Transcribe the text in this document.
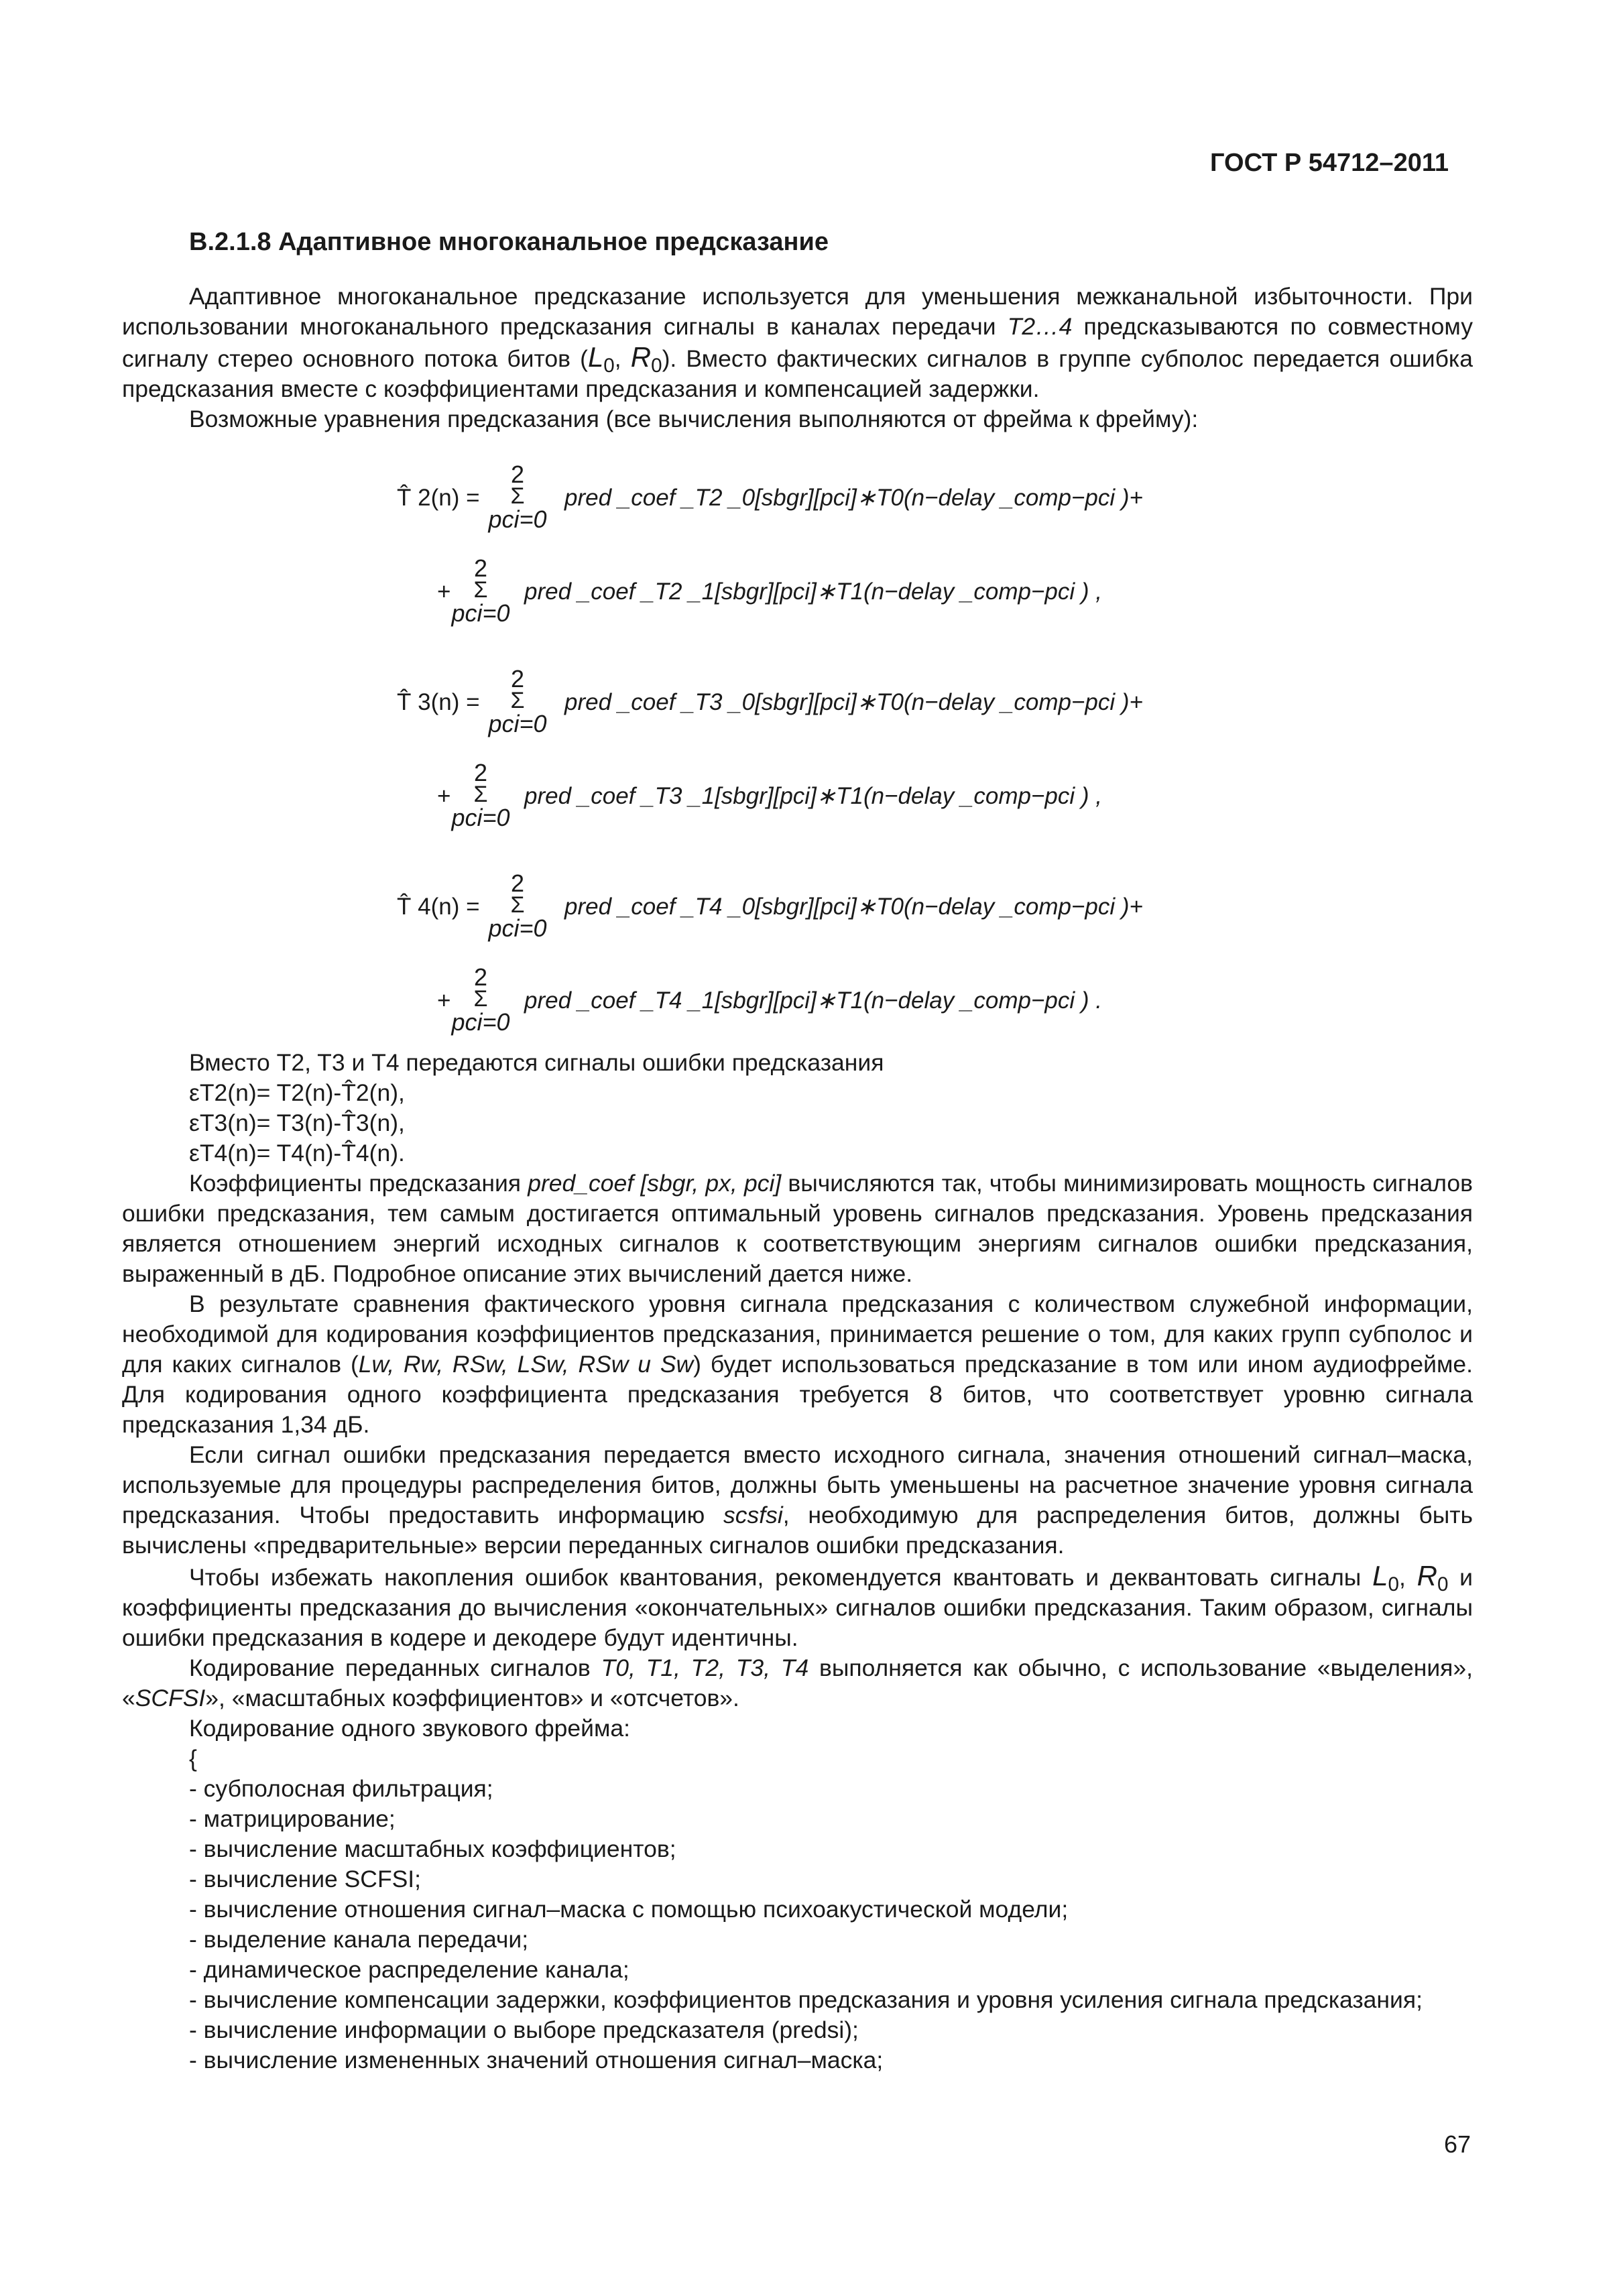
ГОСТ Р 54712–2011
В.2.1.8 Адаптивное многоканальное предсказание

Адаптивное многоканальное предсказание используется для уменьшения межканальной избыточности. При использовании многоканального предсказания сигналы в каналах передачи T2…4 предсказываются по совместному сигналу стерео основного потока битов ($L_0$, $R_0$). Вместо фактических сигналов в группе субполос передается ошибка предсказания вместе с коэффициентами предсказания и компенсацией задержки.

Возможные уравнения предсказания (все вычисления выполняются от фрейма к фрейму):

T̂ 2(n) =
2
Σ
pci=0
pred _coef _T2 _0[sbgr][pci]∗T0(n−delay _comp−pci )+
+
2
Σ
pci=0
pred _coef _T2 _1[sbgr][pci]∗T1(n−delay _comp−pci ) ,
T̂ 3(n) =
2
Σ
pci=0
pred _coef _T3 _0[sbgr][pci]∗T0(n−delay _comp−pci )+
+
2
Σ
pci=0
pred _coef _T3 _1[sbgr][pci]∗T1(n−delay _comp−pci ) ,
T̂ 4(n) =
2
Σ
pci=0
pred _coef _T4 _0[sbgr][pci]∗T0(n−delay _comp−pci )+
+
2
Σ
pci=0
pred _coef _T4 _1[sbgr][pci]∗T1(n−delay _comp−pci ) .

Вместо T2, T3 и T4 передаются сигналы ошибки предсказания

εT2(n)= T2(n)-T̂2(n),

εT3(n)= T3(n)-T̂3(n),

εT4(n)= T4(n)-T̂4(n).

Коэффициенты предсказания pred_coef [sbgr, px, pci] вычисляются так, чтобы минимизировать мощность сигналов ошибки предсказания, тем самым достигается оптимальный уровень сигналов предсказания. Уровень предсказания является отношением энергий исходных сигналов к соответствующим энергиям сигналов ошибки предсказания, выраженный в дБ. Подробное описание этих вычислений дается ниже.

В результате сравнения фактического уровня сигнала предсказания с количеством служебной информации, необходимой для кодирования коэффициентов предсказания, принимается решение о том, для каких групп субполос и для каких сигналов (Lw, Rw, RSw, LSw, RSw и Sw) будет использоваться предсказание в том или ином аудиофрейме. Для кодирования одного коэффициента предсказания требуется 8 битов, что соответствует уровню сигнала предсказания 1,34 дБ.

Если сигнал ошибки предсказания передается вместо исходного сигнала, значения отношений сигнал–маска, используемые для процедуры распределения битов, должны быть уменьшены на расчетное значение уровня сигнала предсказания. Чтобы предоставить информацию scsfsi, необходимую для распределения битов, должны быть вычислены «предварительные» версии переданных сигналов ошибки предсказания.

Чтобы избежать накопления ошибок квантования, рекомендуется квантовать и деквантовать сигналы $L_0$, $R_0$ и коэффициенты предсказания до вычисления «окончательных» сигналов ошибки предсказания. Таким образом, сигналы ошибки предсказания в кодере и декодере будут идентичны.

Кодирование переданных сигналов T0, T1, T2, T3, T4 выполняется как обычно, с использование «выделения», «SCFSI», «масштабных коэффициентов» и «отсчетов».

Кодирование одного звукового фрейма:

{

- субполосная фильтрация;

- матрицирование;

- вычисление масштабных коэффициентов;

- вычисление SCFSI;

- вычисление отношения сигнал–маска с помощью психоакустической модели;

- выделение канала передачи;

- динамическое распределение канала;

- вычисление компенсации задержки, коэффициентов предсказания и уровня усиления сигнала предсказания;

- вычисление информации о выборе предсказателя (predsi);

- вычисление измененных значений отношения сигнал–маска;

67
